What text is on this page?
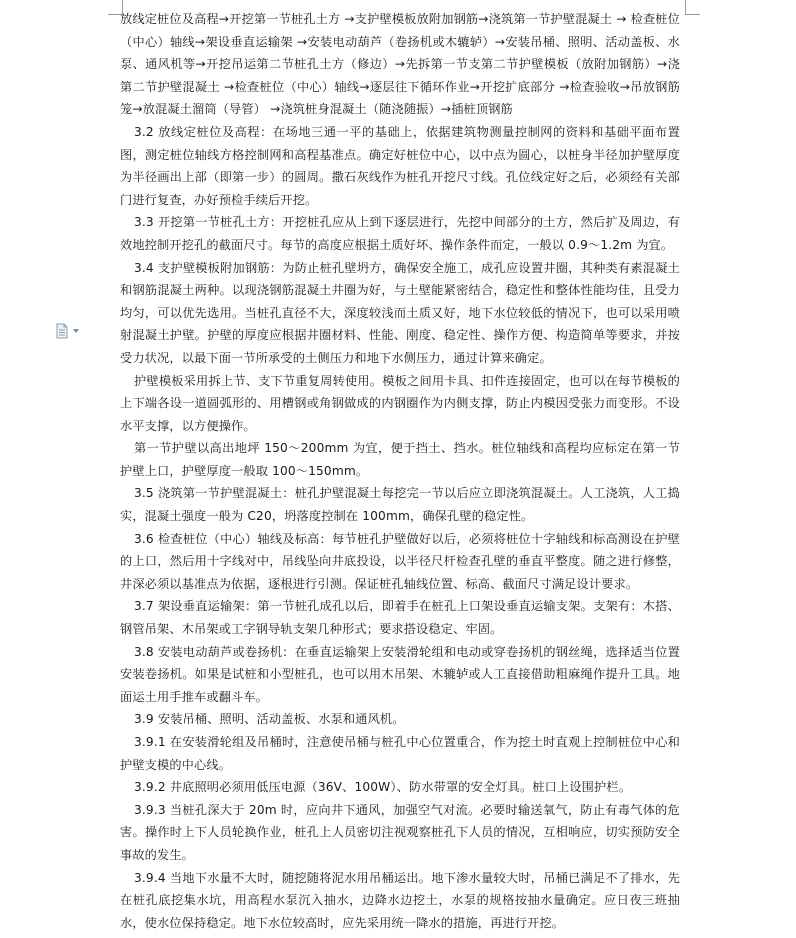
放线定桩位及高程→开挖第一节桩孔土方 →支护壁模板放附加钢筋→浇筑第一节护壁混凝土 → 检查桩位（中心）轴线→架设垂直运输架 →安装电动葫芦（卷扬机或木辘轳）→安装吊桶、照明、活动盖板、水泵、通风机等→开挖吊运第二节桩孔土方（修边）→先拆第一节支第二节护壁模板（放附加钢筋）→浇第二节护壁混凝土 →检查桩位（中心）轴线→逐层往下循环作业→开挖扩底部分 →检查验收→吊放钢筋笼→放混凝土溜筒（导管） →浇筑桩身混凝土（随浇随振）→插桩顶钢筋

3.2 放线定桩位及高程：在场地三通一平的基础上，依据建筑物测量控制网的资料和基础平面布置图，测定桩位轴线方格控制网和高程基准点。确定好桩位中心，以中点为圆心，以桩身半径加护壁厚度为半径画出上部（即第一步）的圆周。撒石灰线作为桩孔开挖尺寸线。孔位线定好之后，必须经有关部门进行复查，办好预检手续后开挖。

3.3 开挖第一节桩孔土方：开挖桩孔应从上到下逐层进行，先挖中间部分的土方，然后扩及周边，有效地控制开挖孔的截面尺寸。每节的高度应根据土质好坏、操作条件而定，一般以 0.9～1.2m 为宜。

3.4 支护壁模板附加钢筋：为防止桩孔壁坍方，确保安全施工，成孔应设置井圈，其种类有素混凝土和钢筋混凝土两种。以现浇钢筋混凝土井圈为好，与土壁能紧密结合，稳定性和整体性能均佳，且受力均匀，可以优先选用。当桩孔直径不大，深度较浅而土质又好，地下水位较低的情况下，也可以采用喷射混凝土护壁。护壁的厚度应根据井圈材料、性能、刚度、稳定性、操作方便、构造简单等要求，并按受力状况，以最下面一节所承受的土侧压力和地下水侧压力，通过计算来确定。

护壁模板采用拆上节、支下节重复周转使用。模板之间用卡具、扣件连接固定，也可以在每节模板的上下端各设一道圆弧形的、用槽钢或角钢做成的内钢圈作为内侧支撑，防止内模因受张力而变形。不设水平支撑，以方便操作。

第一节护壁以高出地坪 150～200mm 为宜，便于挡土、挡水。桩位轴线和高程均应标定在第一节护壁上口，护壁厚度一般取 100～150mm。

3.5 浇筑第一节护壁混凝土：桩孔护壁混凝土每挖完一节以后应立即浇筑混凝土。人工浇筑，人工捣实，混凝土强度一般为 C20，坍落度控制在 100mm，确保孔壁的稳定性。

3.6 检查桩位（中心）轴线及标高：每节桩孔护壁做好以后，必须将桩位十字轴线和标高测设在护壁的上口，然后用十字线对中，吊线坠向井底投设，以半径尺杆检查孔壁的垂直平整度。随之进行修整，井深必须以基准点为依据，逐根进行引测。保证桩孔轴线位置、标高、截面尺寸满足设计要求。

3.7 架设垂直运输架：第一节桩孔成孔以后，即着手在桩孔上口架设垂直运输支架。支架有：木搭、钢管吊架、木吊架或工字钢导轨支架几种形式；要求搭设稳定、牢固。

3.8 安装电动葫芦或卷扬机：在垂直运输架上安装滑轮组和电动或穿卷扬机的钢丝绳，选择适当位置安装卷扬机。如果是试桩和小型桩孔，也可以用木吊架、木辘轳或人工直接借助粗麻绳作提升工具。地面运土用手推车或翻斗车。

3.9 安装吊桶、照明、活动盖板、水泵和通风机。

3.9.1 在安装滑轮组及吊桶时，注意使吊桶与桩孔中心位置重合，作为挖土时直观上控制桩位中心和护壁支模的中心线。

3.9.2 井底照明必须用低压电源（36V、100W）、防水带罩的安全灯具。桩口上设围护栏。

3.9.3 当桩孔深大于 20m 时，应向井下通风，加强空气对流。必要时输送氧气，防止有毒气体的危害。操作时上下人员轮换作业，桩孔上人员密切注视观察桩孔下人员的情况，互相响应，切实预防安全事故的发生。

3.9.4 当地下水量不大时，随挖随将泥水用吊桶运出。地下渗水量较大时，吊桶已满足不了排水，先在桩孔底挖集水坑，用高程水泵沉入抽水，边降水边挖土，水泵的规格按抽水量确定。应日夜三班抽水，使水位保持稳定。地下水位较高时，应先采用统一降水的措施，再进行开挖。
